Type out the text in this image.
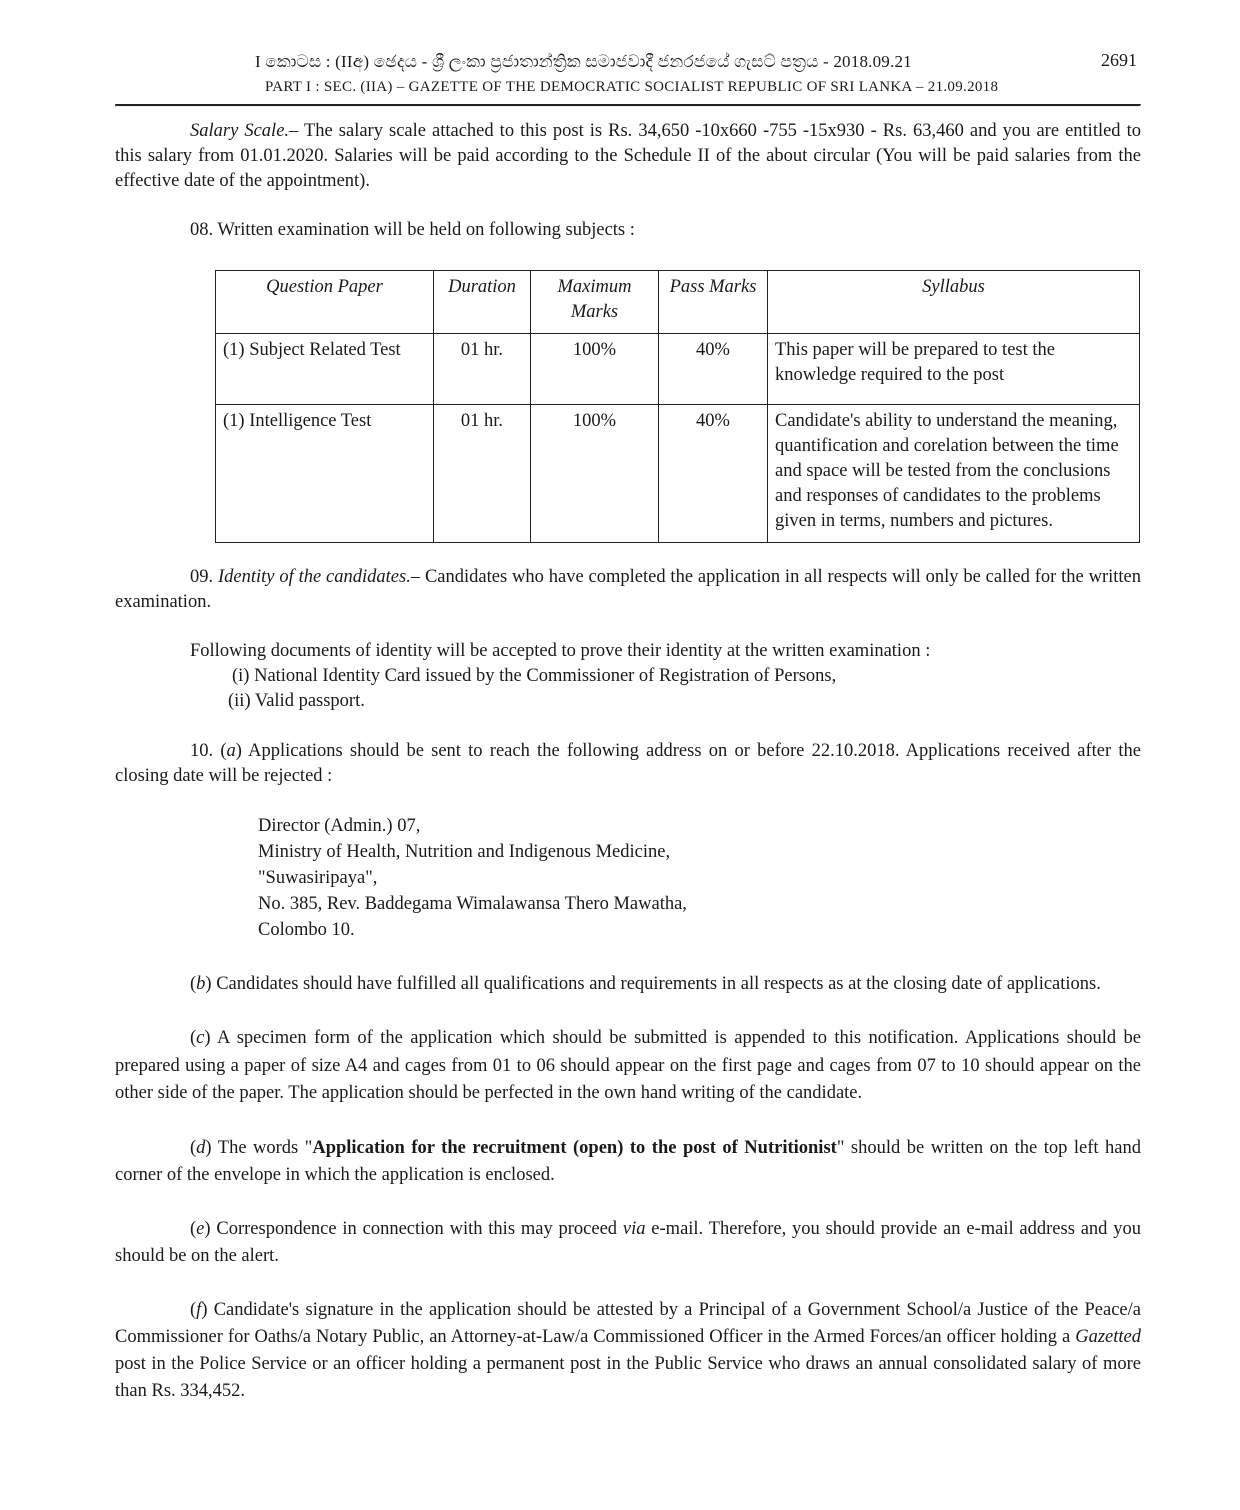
I කොටස : (IIඅ) ඡෙදය - ශ්‍රී ලංකා ප්‍රජාතාන්ත්‍රික සමාජවාදී ජනරජයේ ගැසට් පත්‍රය - 2018.09.21
PART I : SEC. (IIA) – GAZETTE OF THE DEMOCRATIC SOCIALIST REPUBLIC OF SRI LANKA – 21.09.2018
2691

Salary Scale.– The salary scale attached to this post is Rs. 34,650 -10x660 -755 -15x930 - Rs. 63,460 and you are entitled to this salary from 01.01.2020. Salaries will be paid according to the Schedule II of the about circular (You will be paid salaries from the effective date of the appointment).

08. Written examination will be held on following subjects :

Question Paper	Duration	Maximum Marks	Pass Marks	Syllabus
(1) Subject Related Test	01 hr.	100%	40%	This paper will be prepared to test the knowledge required to the post
(1) Intelligence Test	01 hr.	100%	40%	Candidate's ability to understand the meaning, quantification and corelation between the time and space will be tested from the conclusions and responses of candidates to the problems given in terms, numbers and pictures.

09. Identity of the candidates.– Candidates who have completed the application in all respects will only be called for the written examination.

Following documents of identity will be accepted to prove their identity at the written examination :

(i) National Identity Card issued by the Commissioner of Registration of Persons,
(ii) Valid passport.

10. (a) Applications should be sent to reach the following address on or before 22.10.2018. Applications received after the closing date will be rejected :

Director (Admin.) 07,
Ministry of Health, Nutrition and Indigenous Medicine,
"Suwasiripaya",
No. 385, Rev. Baddegama Wimalawansa Thero Mawatha,
Colombo 10.

(b) Candidates should have fulfilled all qualifications and requirements in all respects as at the closing date of applications.

(c) A specimen form of the application which should be submitted is appended to this notification. Applications should be prepared using a paper of size A4 and cages from 01 to 06 should appear on the first page and cages from 07 to 10 should appear on the other side of the paper. The application should be perfected in the own hand writing of the candidate.

(d) The words "Application for the recruitment (open) to the post of Nutritionist" should be written on the top left hand corner of the envelope in which the application is enclosed.

(e) Correspondence in connection with this may proceed via e-mail. Therefore, you should provide an e-mail address and you should be on the alert.

(f) Candidate's signature in the application should be attested by a Principal of a Government School/a Justice of the Peace/a Commissioner for Oaths/a Notary Public, an Attorney-at-Law/a Commissioned Officer in the Armed Forces/an officer holding a Gazetted post in the Police Service or an officer holding a permanent post in the Public Service who draws an annual consolidated salary of more than Rs. 334,452.
